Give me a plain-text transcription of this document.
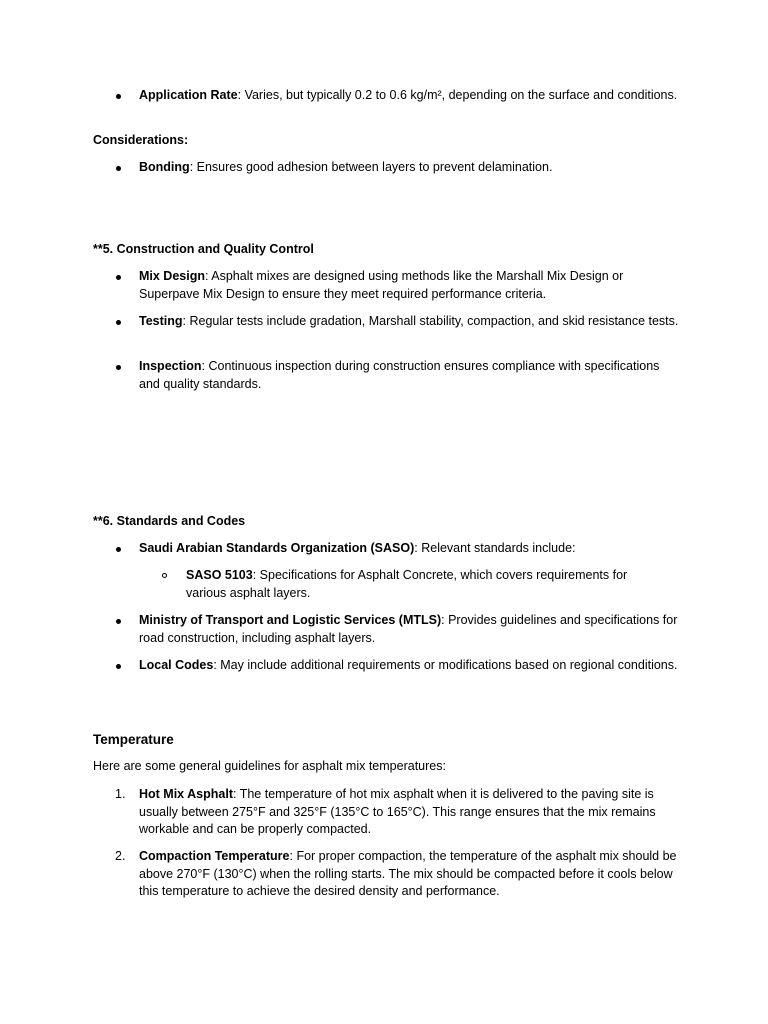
Application Rate: Varies, but typically 0.2 to 0.6 kg/m², depending on the surface and conditions.
Considerations:
Bonding: Ensures good adhesion between layers to prevent delamination.
**5. Construction and Quality Control
Mix Design: Asphalt mixes are designed using methods like the Marshall Mix Design or Superpave Mix Design to ensure they meet required performance criteria.
Testing: Regular tests include gradation, Marshall stability, compaction, and skid resistance tests.
Inspection: Continuous inspection during construction ensures compliance with specifications and quality standards.
**6. Standards and Codes
Saudi Arabian Standards Organization (SASO): Relevant standards include:
SASO 5103: Specifications for Asphalt Concrete, which covers requirements for various asphalt layers.
Ministry of Transport and Logistic Services (MTLS): Provides guidelines and specifications for road construction, including asphalt layers.
Local Codes: May include additional requirements or modifications based on regional conditions.
Temperature
Here are some general guidelines for asphalt mix temperatures:
1.	Hot Mix Asphalt: The temperature of hot mix asphalt when it is delivered to the paving site is usually between 275°F and 325°F (135°C to 165°C). This range ensures that the mix remains workable and can be properly compacted.
2.	Compaction Temperature: For proper compaction, the temperature of the asphalt mix should be above 270°F (130°C) when the rolling starts. The mix should be compacted before it cools below this temperature to achieve the desired density and performance.
